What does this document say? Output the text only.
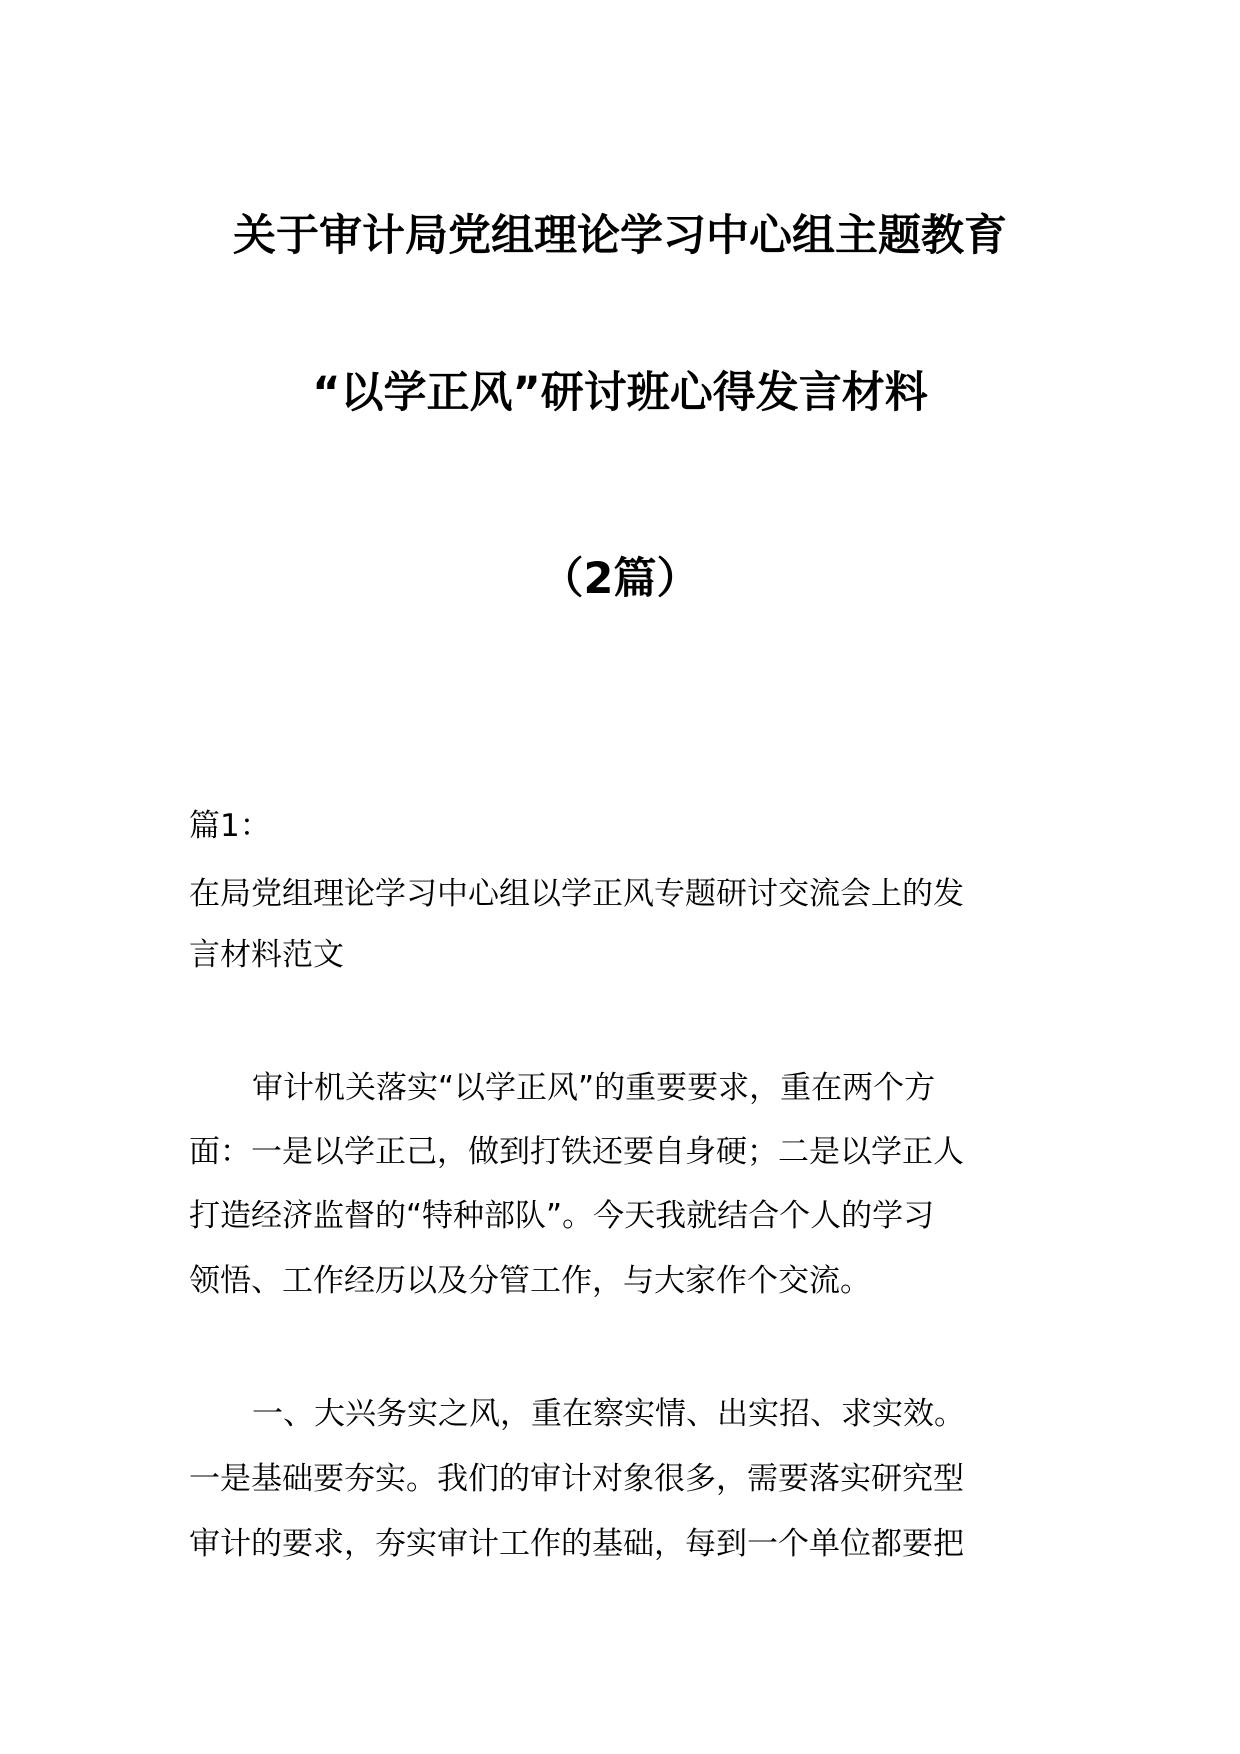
关于审计局党组理论学习中心组主题教育
“以学正风”研讨班心得发言材料
（2篇）
篇1：
在局党组理论学习中心组以学正风专题研讨交流会上的发
言材料范文
审计机关落实“以学正风”的重要要求，重在两个方
面：一是以学正己，做到打铁还要自身硬；二是以学正人
打造经济监督的“特种部队”。今天我就结合个人的学习
领悟、工作经历以及分管工作，与大家作个交流。
一、大兴务实之风，重在察实情、出实招、求实效。
一是基础要夯实。我们的审计对象很多，需要落实研究型
审计的要求，夯实审计工作的基础，每到一个单位都要把
